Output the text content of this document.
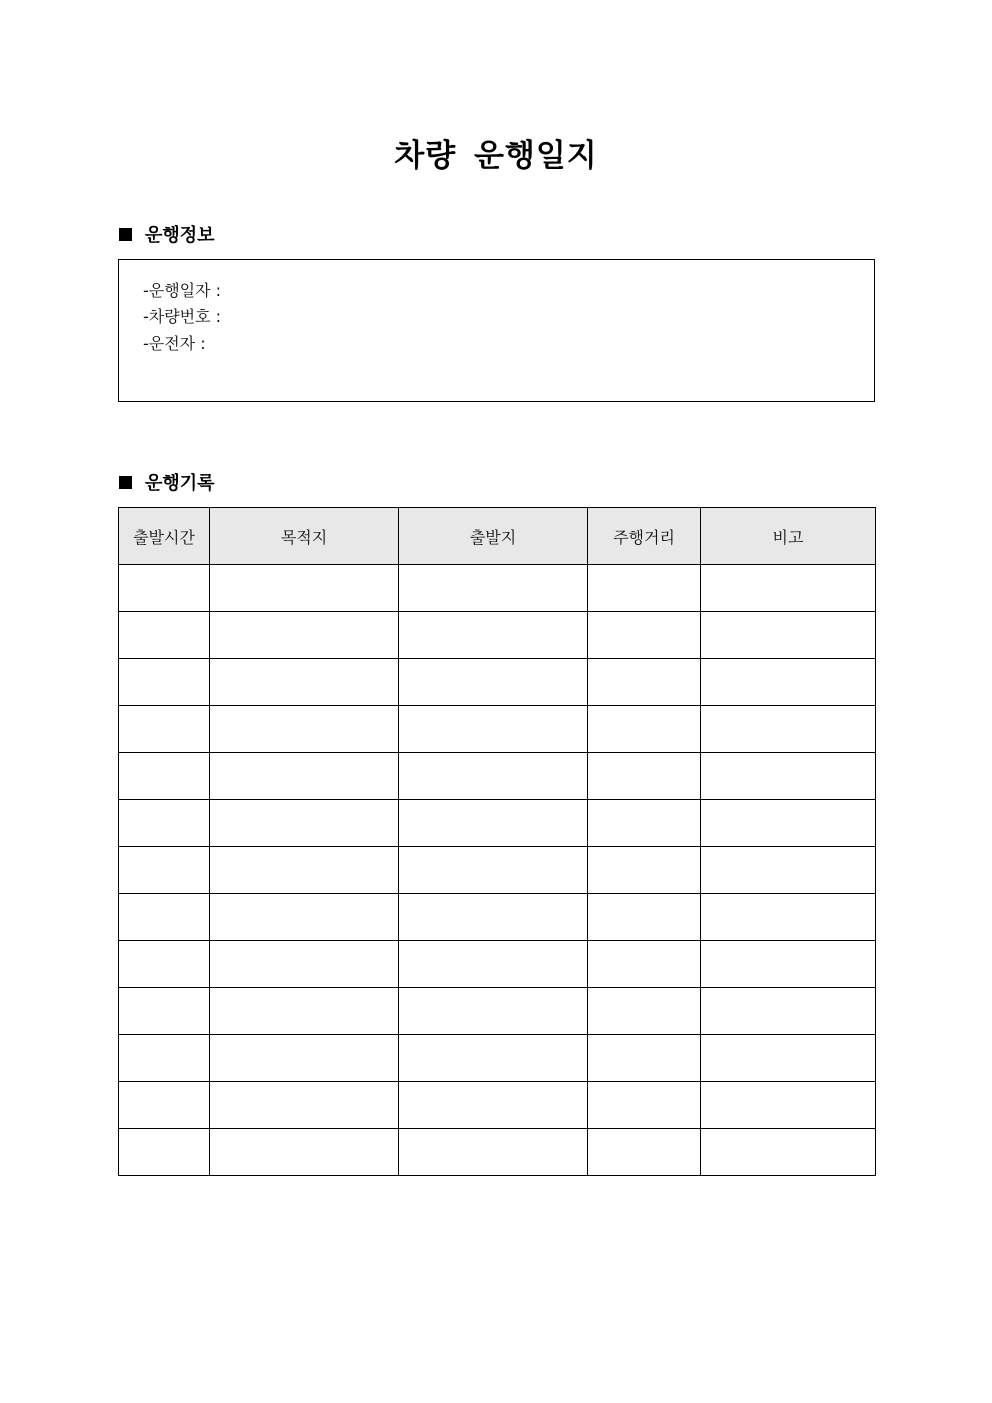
차량 운행일지
운행정보
-운행일자 :
-차량번호 :
-운전자 :
운행기록
출발시간	목적지	출발지	주행거리	비고
